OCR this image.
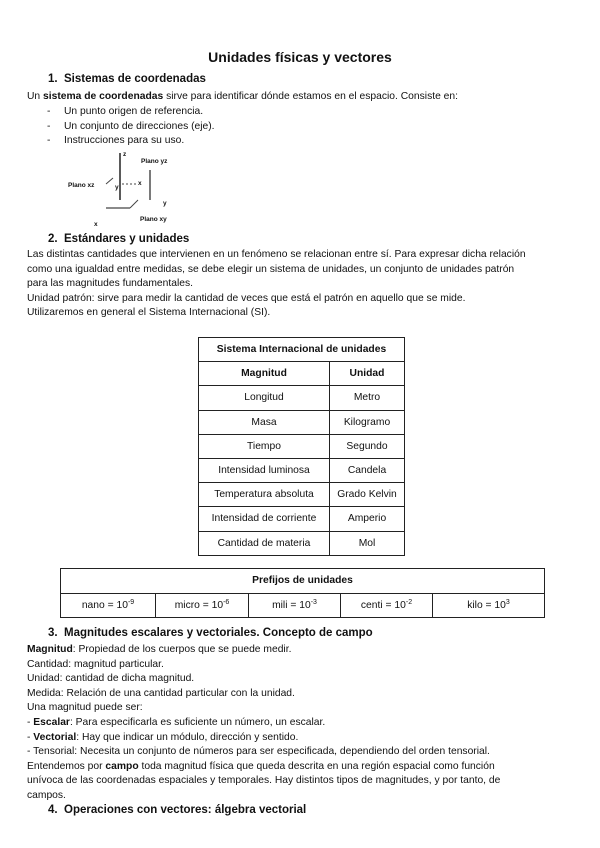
Unidades físicas y vectores
1. Sistemas de coordenadas
Un sistema de coordenadas sirve para identificar dónde estamos en el espacio. Consiste en:
- Un punto origen de referencia.
- Un conjunto de direcciones (eje).
- Instrucciones para su uso.
z
Plano yz
Plano xz	y
x
y
x
Plano xy
2. Estándares y unidades
Las distintas cantidades que intervienen en un fenómeno se relacionan entre sí. Para expresar dicha relación
como una igualdad entre medidas, se debe elegir un sistema de unidades, un conjunto de unidades patrón
para las magnitudes fundamentales.
Unidad patrón: sirve para medir la cantidad de veces que está el patrón en aquello que se mide.
Utilizaremos en general el Sistema Internacional (SI).
Sistema Internacional de unidades	
Magnitud	Unidad
Longitud	Metro
Masa	Kilogramo
Tiempo	Segundo
Intensidad luminosa	Candela
Temperatura absoluta	Grado Kelvin
Intensidad de corriente	Amperio
Cantidad de materia	Mol
Prefijos de unidades
nano = $10^{-9}$	micro = $10^{-6}$	mili = $10^{-3}$	centi = $10^{-2}$	kilo = $10^3$
3. Magnitudes escalares y vectoriales. Concepto de campo
Magnitud: Propiedad de los cuerpos que se puede medir.
Cantidad: magnitud particular.
Unidad: cantidad de dicha magnitud.
Medida: Relación de una cantidad particular con la unidad.
Una magnitud puede ser:
- Escalar: Para especificarla es suficiente un número, un escalar.
- Vectorial: Hay que indicar un módulo, dirección y sentido.
- Tensorial: Necesita un conjunto de números para ser especificada, dependiendo del orden tensorial.
Entendemos por campo toda magnitud física que queda descrita en una región espacial como función
unívoca de las coordenadas espaciales y temporales. Hay distintos tipos de magnitudes, y por tanto, de
campos.
4. Operaciones con vectores: álgebra vectorial
